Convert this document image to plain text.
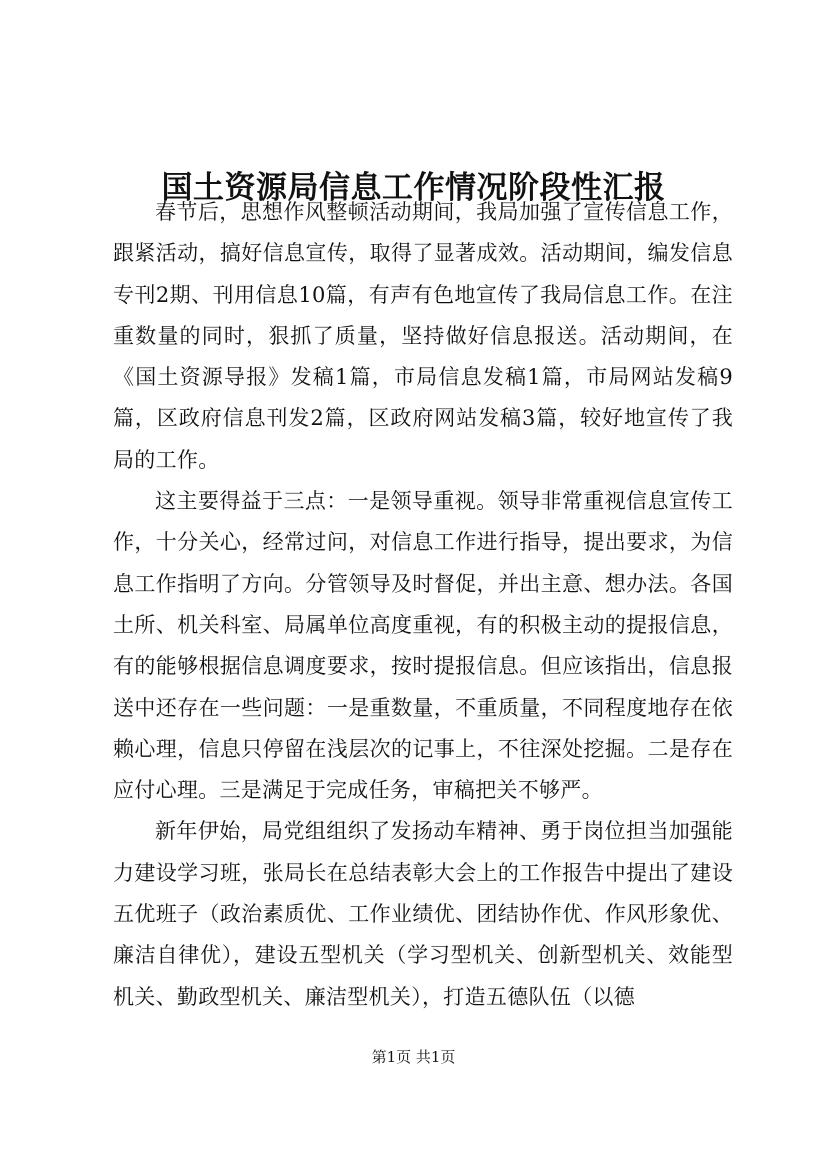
国土资源局信息工作情况阶段性汇报

春节后，思想作风整顿活动期间，我局加强了宣传信息工作，跟紧活动，搞好信息宣传，取得了显著成效。活动期间，编发信息专刊2期、刊用信息10篇，有声有色地宣传了我局信息工作。在注重数量的同时，狠抓了质量，坚持做好信息报送。活动期间，在《国土资源导报》发稿1篇，市局信息发稿1篇，市局网站发稿9篇，区政府信息刊发2篇，区政府网站发稿3篇，较好地宣传了我局的工作。

这主要得益于三点：一是领导重视。领导非常重视信息宣传工作，十分关心，经常过问，对信息工作进行指导，提出要求，为信息工作指明了方向。分管领导及时督促，并出主意、想办法。各国土所、机关科室、局属单位高度重视，有的积极主动的提报信息，有的能够根据信息调度要求，按时提报信息。但应该指出，信息报送中还存在一些问题：一是重数量，不重质量，不同程度地存在依赖心理，信息只停留在浅层次的记事上，不往深处挖掘。二是存在应付心理。三是满足于完成任务，审稿把关不够严。

新年伊始，局党组组织了发扬动车精神、勇于岗位担当加强能力建设学习班，张局长在总结表彰大会上的工作报告中提出了建设五优班子（政治素质优、工作业绩优、团结协作优、作风形象优、廉洁自律优），建设五型机关（学习型机关、创新型机关、效能型机关、勤政型机关、廉洁型机关），打造五德队伍（以德

第1页 共1页
